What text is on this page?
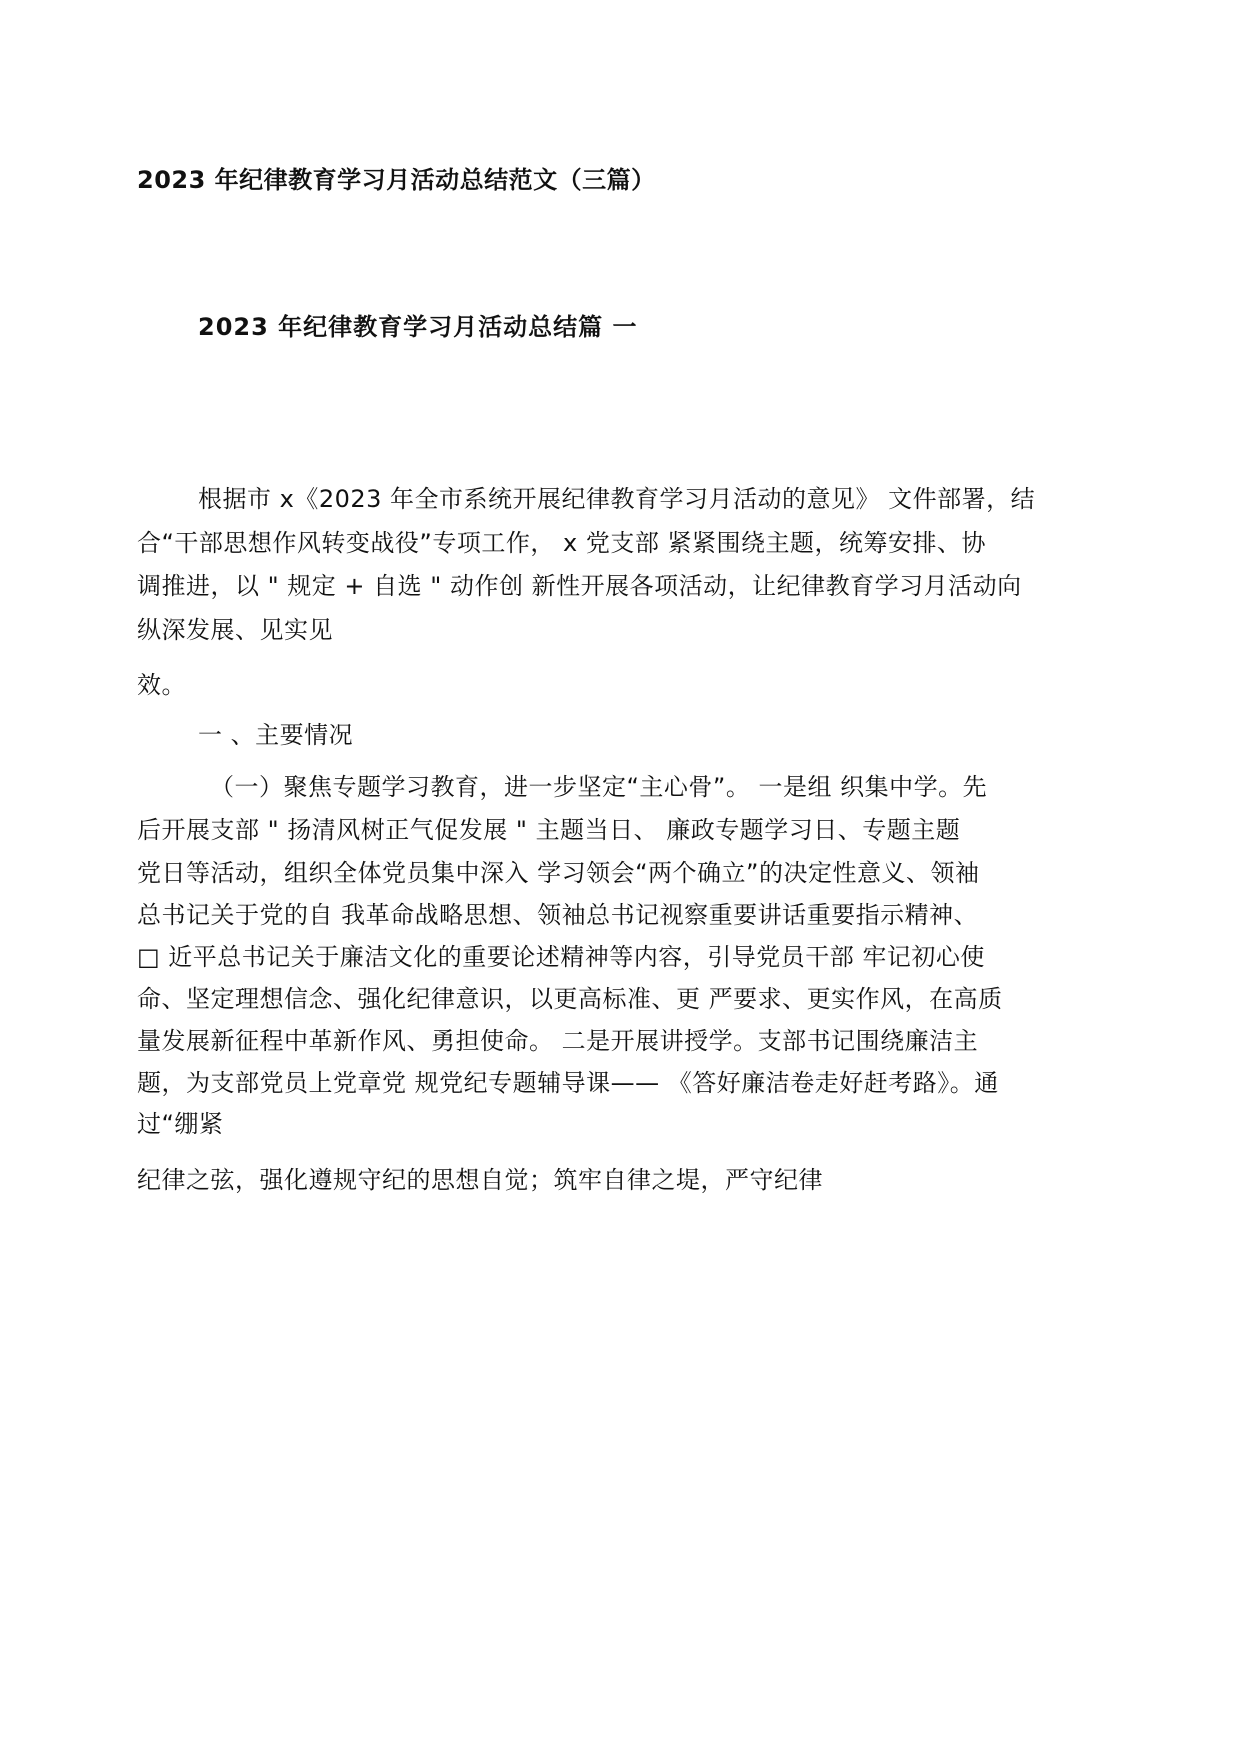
2023 年纪律教育学习月活动总结范文（三篇）
2023 年纪律教育学习月活动总结篇 一
根据市 x《2023 年全市系统开展纪律教育学习月活动的意见》 文件部署，结
合“干部思想作风转变战役”专项工作， x 党支部 紧紧围绕主题，统筹安排、协
调推进，以 " 规定 + 自选 " 动作创 新性开展各项活动，让纪律教育学习月活动向
纵深发展、见实见
效。
一 、主要情况
（一）聚焦专题学习教育，进一步坚定“主心骨”。 一是组 织集中学。先
后开展支部 " 扬清风树正气促发展 " 主题当日、 廉政专题学习日、专题主题
党日等活动，组织全体党员集中深入 学习领会“两个确立”的决定性意义、领袖
总书记关于党的自 我革命战略思想、领袖总书记视察重要讲话重要指示精神、
□ 近平总书记关于廉洁文化的重要论述精神等内容，引导党员干部 牢记初心使
命、坚定理想信念、强化纪律意识，以更高标准、更 严要求、更实作风，在高质
量发展新征程中革新作风、勇担使命。 二是开展讲授学。支部书记围绕廉洁主
题，为支部党员上党章党 规党纪专题辅导课—— 《答好廉洁卷走好赶考路》。通
过“绷紧
纪律之弦，强化遵规守纪的思想自觉；筑牢自律之堤，严守纪律
